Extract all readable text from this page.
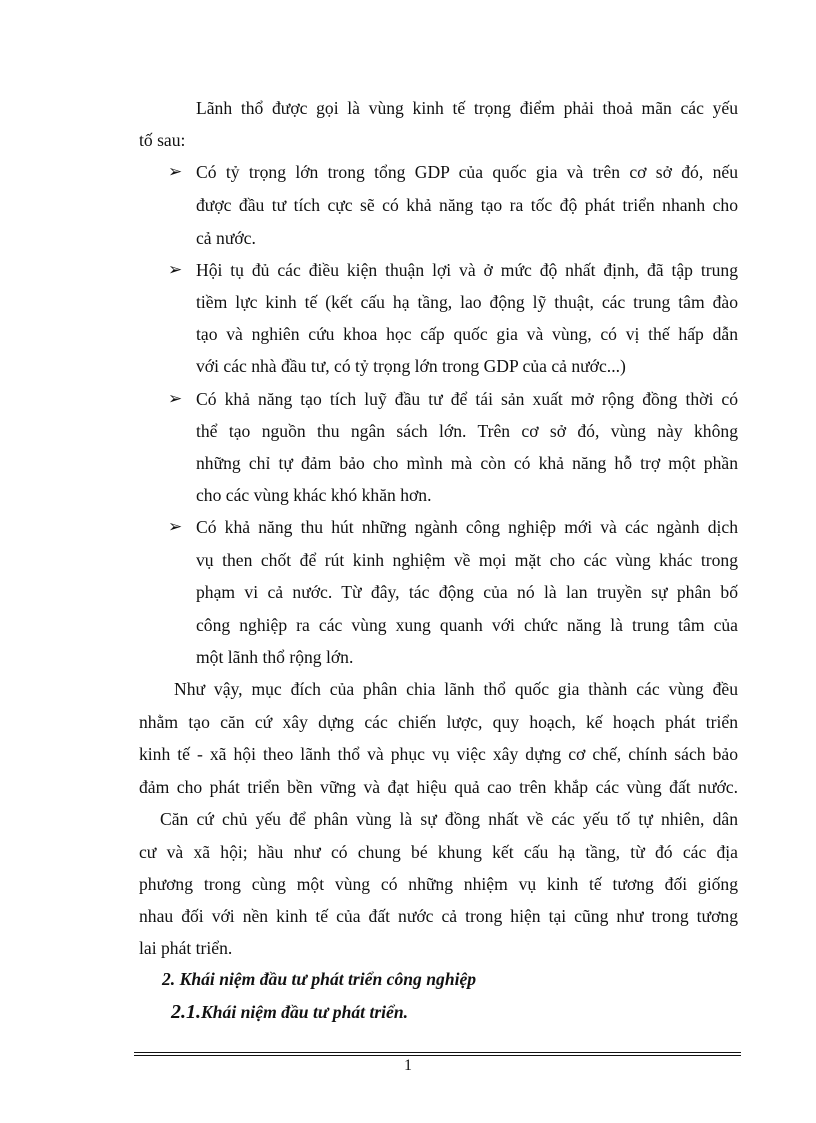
Lãnh thổ được gọi là vùng kinh tế trọng điểm phải thoả mãn các yếu
tố sau:
➢ Có tỷ trọng lớn trong tổng GDP của quốc gia và trên cơ sở đó, nếu
được đầu tư tích cực sẽ có khả năng tạo ra tốc độ phát triển nhanh cho
cả nước.
➢ Hội tụ đủ các điều kiện thuận lợi và ở mức độ nhất định, đã tập trung
tiềm lực kinh tế (kết cấu hạ tầng, lao động lỹ thuật, các trung tâm đào
tạo và nghiên cứu khoa học cấp quốc gia và vùng, có vị thế hấp dẫn
với các nhà đầu tư, có tỷ trọng lớn trong GDP của cả nước...)
➢ Có khả năng tạo tích luỹ đầu tư để tái sản xuất mở rộng đồng thời có
thể tạo nguồn thu ngân sách lớn. Trên cơ sở đó, vùng này không
những chỉ tự đảm bảo cho mình mà còn có khả năng hỗ trợ một phần
cho các vùng khác khó khăn hơn.
➢ Có khả năng thu hút những ngành công nghiệp mới và các ngành dịch
vụ then chốt để rút kinh nghiệm về mọi mặt cho các vùng khác trong
phạm vi cả nước. Từ đây, tác động của nó là lan truyền sự phân bố
công nghiệp ra các vùng xung quanh với chức năng là trung tâm của
một lãnh thổ rộng lớn.
Như vậy, mục đích của phân chia lãnh thổ quốc gia thành các vùng đều
nhằm tạo căn cứ xây dựng các chiến lược, quy hoạch, kế hoạch phát triển
kinh tế - xã hội theo lãnh thổ và phục vụ việc xây dựng cơ chế, chính sách bảo
đảm cho phát triển bền vững và đạt hiệu quả cao trên khắp các vùng đất nước.
Căn cứ chủ yếu để phân vùng là sự đồng nhất về các yếu tố tự nhiên, dân
cư và xã hội; hầu như có chung bé khung kết cấu hạ tầng, từ đó các địa
phương trong cùng một vùng có những nhiệm vụ kinh tế tương đối giống
nhau đối với nền kinh tế của đất nước cả trong hiện tại cũng như trong tương
lai phát triển.
2. Khái niệm đầu tư phát triển công nghiệp
2.1.Khái niệm đầu tư phát triển.
1
